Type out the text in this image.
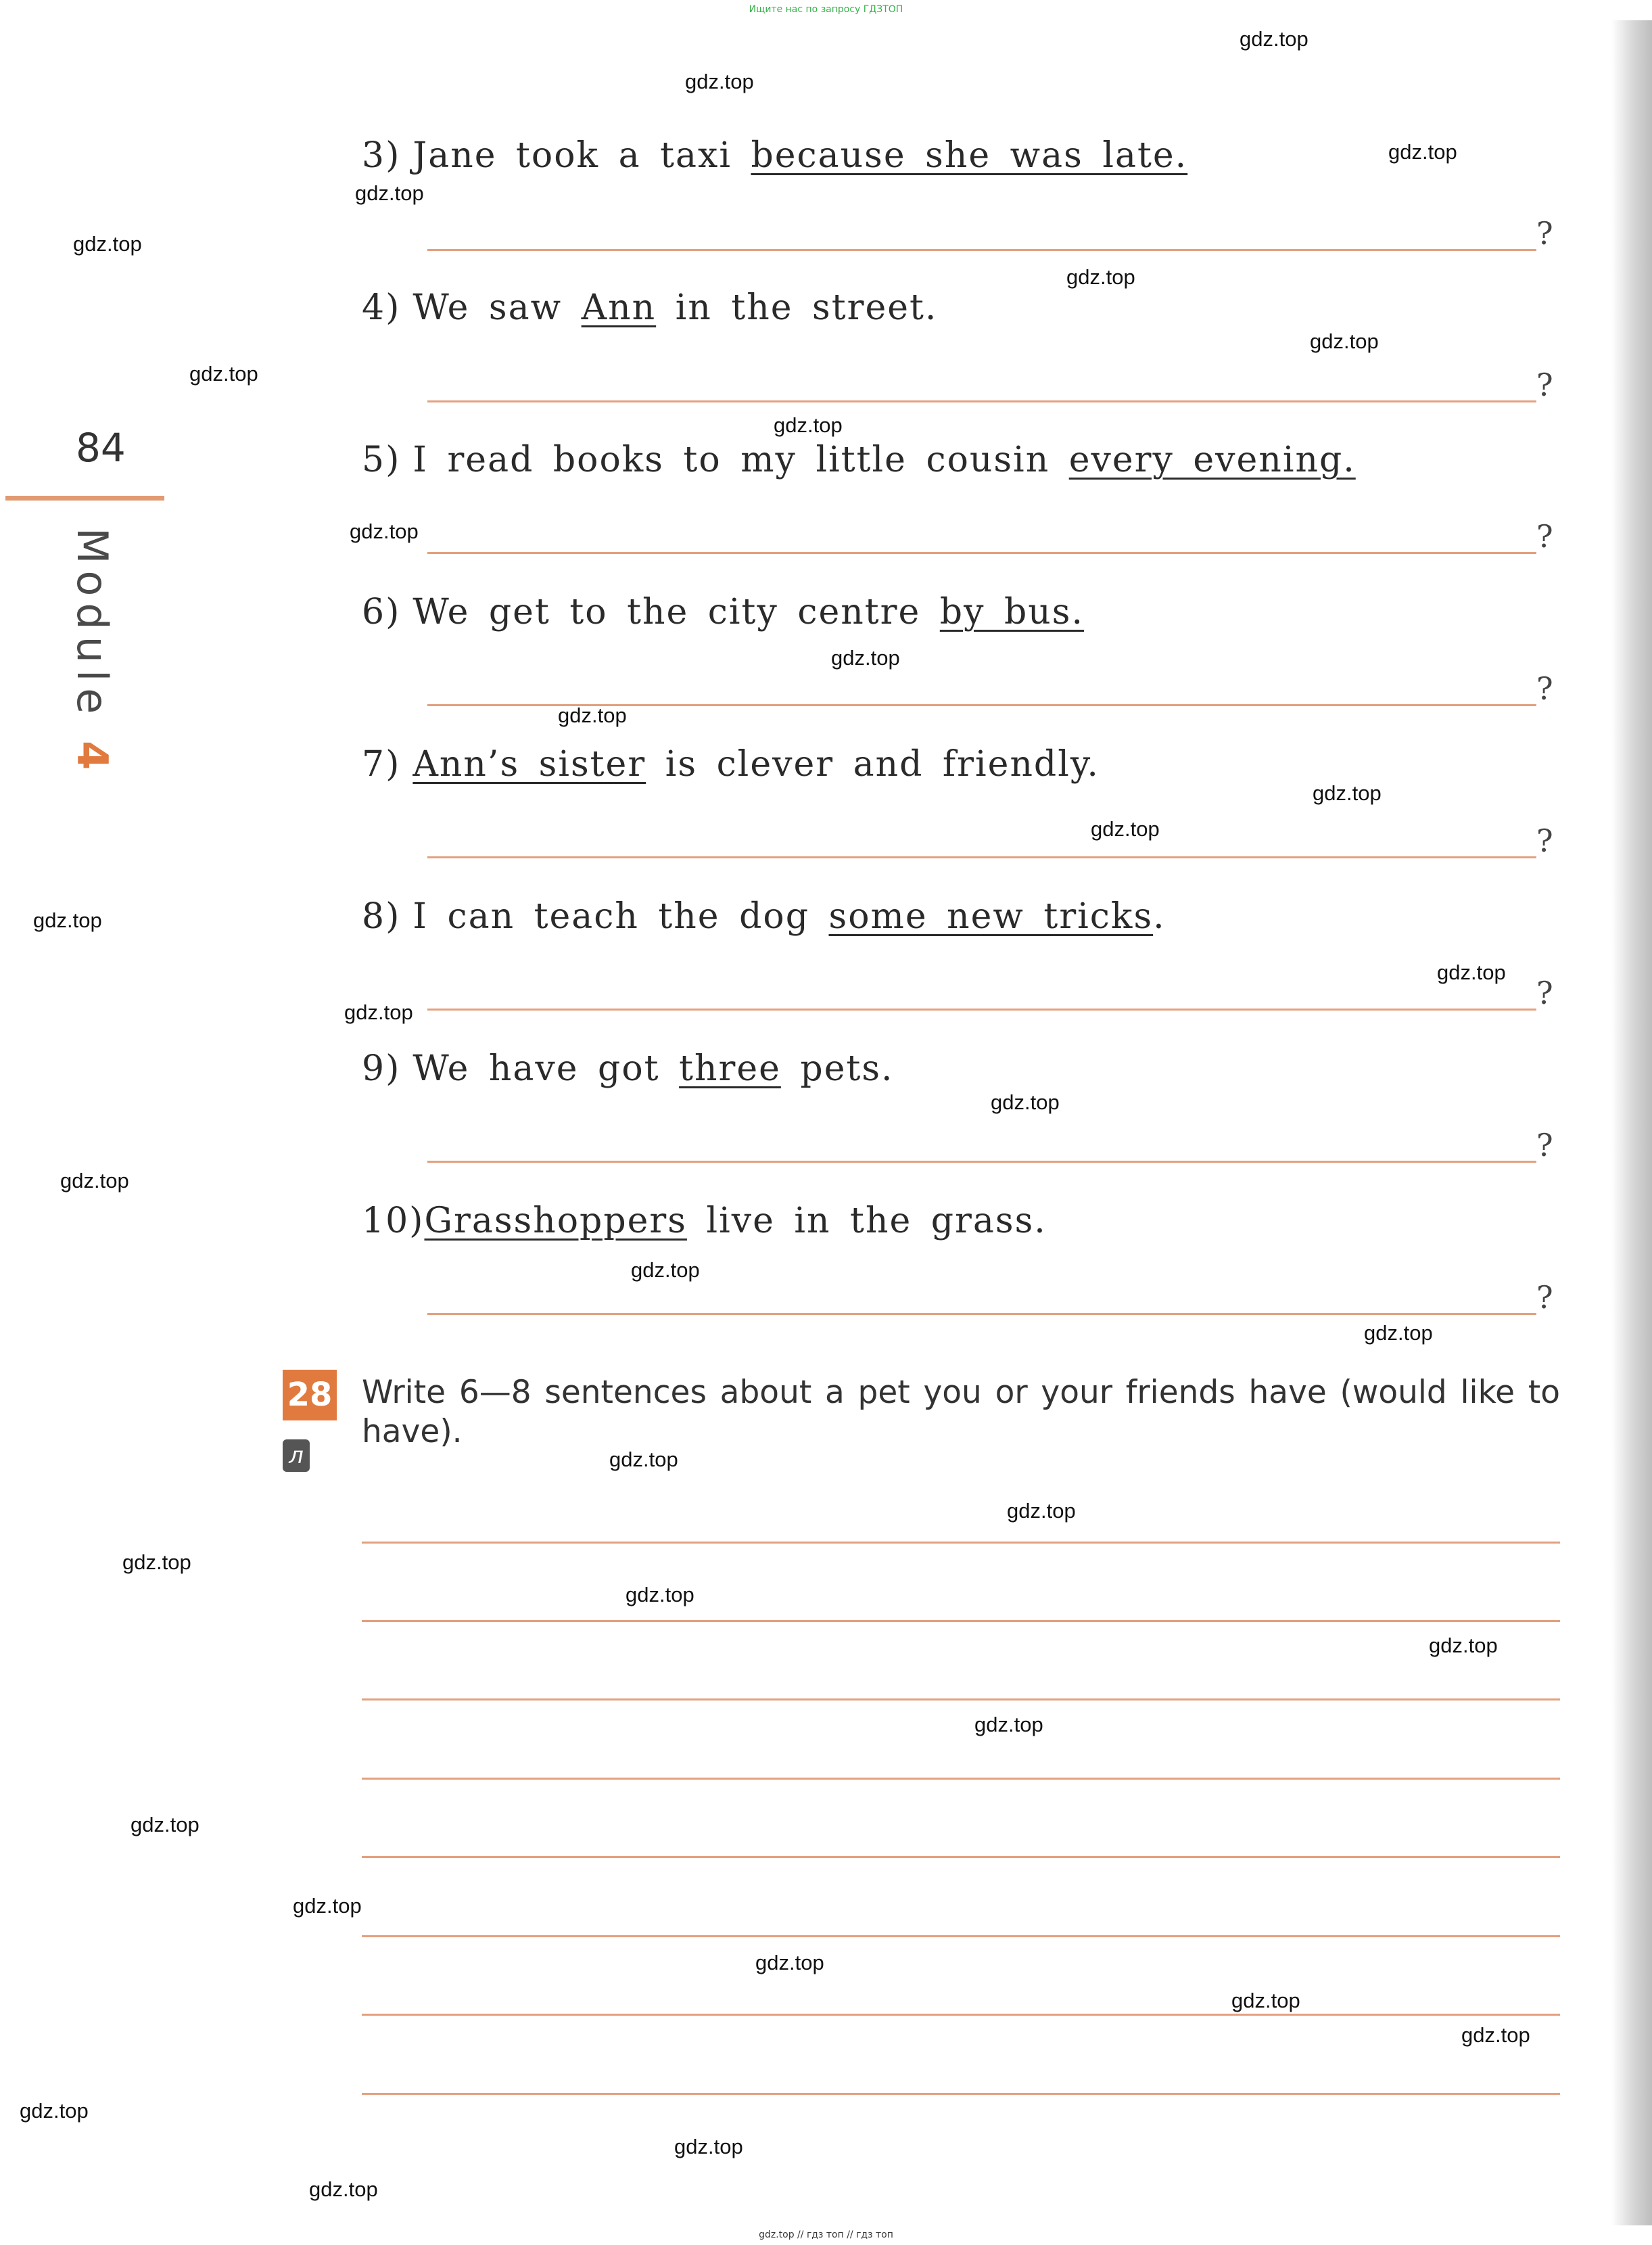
Ищите нас по запросу ГДЗТОП
84
Module 4
3) Jane took a taxi because she was late.
?
4) We saw Ann in the street.
?
5) I read books to my little cousin every evening.
?
6) We get to the city centre by bus.
?
7) Ann’s sister is clever and friendly.
?
8) I can teach the dog some new tricks.
?
9) We have got three pets.
?
10)Grasshoppers live in the grass.
?
28
л
Write 6—8 sentences about a pet you or your friends have (would like to have).
gdz.top
gdz.top
gdz.top
gdz.top
gdz.top
gdz.top
gdz.top
gdz.top
gdz.top
gdz.top
gdz.top
gdz.top
gdz.top
gdz.top
gdz.top
gdz.top
gdz.top
gdz.top
gdz.top
gdz.top
gdz.top
gdz.top
gdz.top
gdz.top
gdz.top
gdz.top
gdz.top
gdz.top
gdz.top
gdz.top
gdz.top
gdz.top
gdz.top
gdz.top
gdz.top
gdz.top // гдз топ // гдз топ
